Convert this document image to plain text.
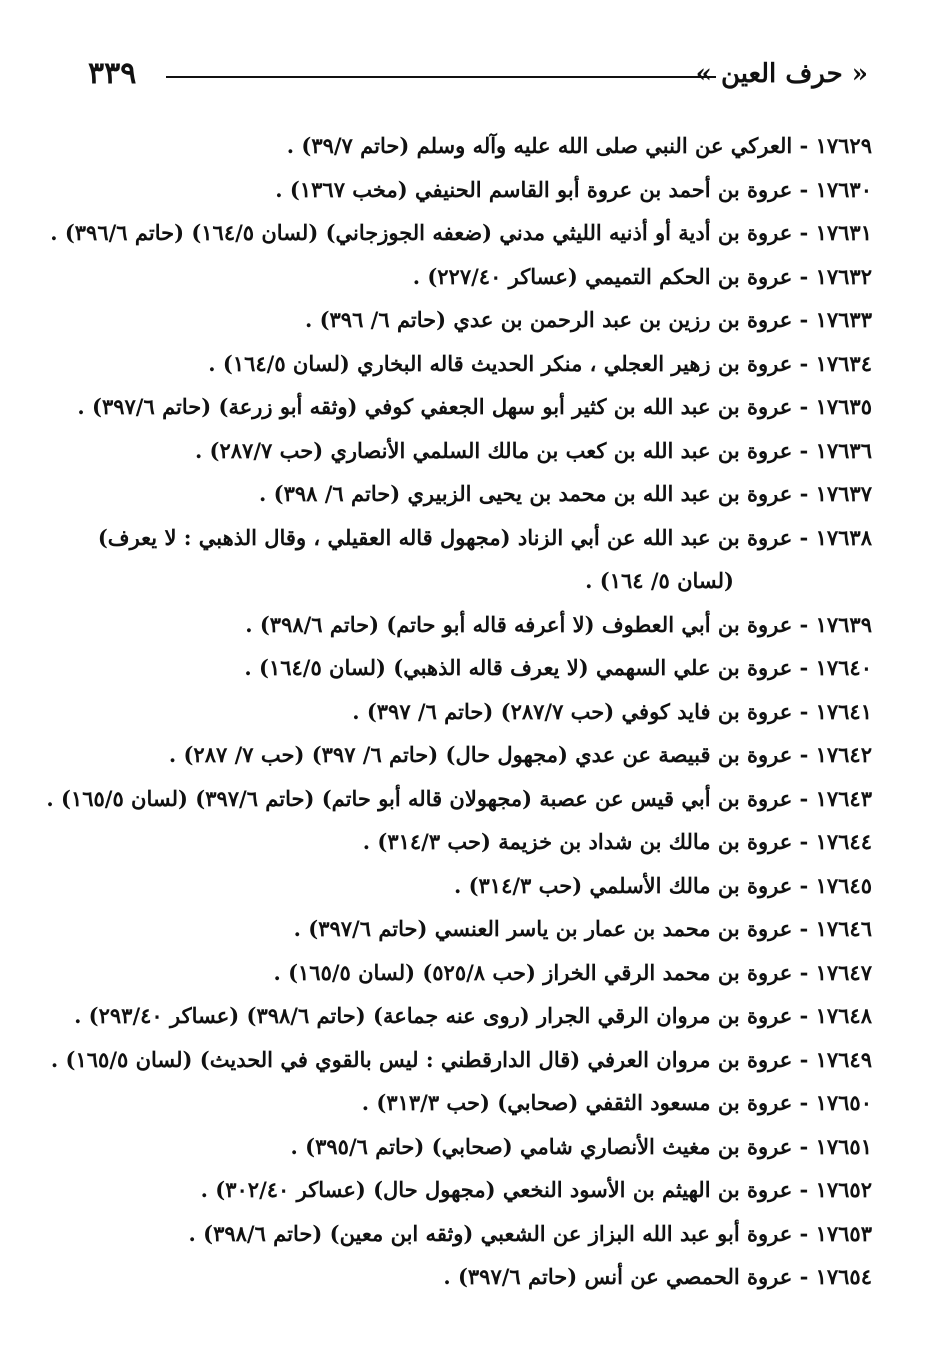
٣٣٩	« حرف العين »
١٧٦٢٩ - العركي عن النبي صلى الله عليه وآله وسلم (حاتم ٣٩/٧) .
١٧٦٣٠ - عروة بن أحمد بن عروة أبو القاسم الحنيفي (مخب ١٣٦٧) .
١٧٦٣١ - عروة بن أدية أو أذنيه الليثي مدني (ضعفه الجوزجاني) (لسان ١٦٤/٥) (حاتم ٣٩٦/٦) .
١٧٦٣٢ - عروة بن الحكم التميمي (عساكر ٢٢٧/٤٠) .
١٧٦٣٣ - عروة بن رزين بن عبد الرحمن بن عدي (حاتم ٦/ ٣٩٦) .
١٧٦٣٤ - عروة بن زهير العجلي ، منكر الحديث قاله البخاري (لسان ١٦٤/٥) .
١٧٦٣٥ - عروة بن عبد الله بن كثير أبو سهل الجعفي كوفي (وثقه أبو زرعة) (حاتم ٣٩٧/٦) .
١٧٦٣٦ - عروة بن عبد الله بن كعب بن مالك السلمي الأنصاري (حب ٢٨٧/٧) .
١٧٦٣٧ - عروة بن عبد الله بن محمد بن يحيى الزبيري (حاتم ٦/ ٣٩٨) .
١٧٦٣٨ - عروة بن عبد الله عن أبي الزناد (مجهول قاله العقيلي ، وقال الذهبي : لا يعرف) (لسان ٥/ ١٦٤) .
١٧٦٣٩ - عروة بن أبي العطوف (لا أعرفه قاله أبو حاتم) (حاتم ٣٩٨/٦) .
١٧٦٤٠ - عروة بن علي السهمي (لا يعرف قاله الذهبي) (لسان ١٦٤/٥) .
١٧٦٤١ - عروة بن فايد كوفي (حب ٢٨٧/٧) (حاتم ٦/ ٣٩٧) .
١٧٦٤٢ - عروة بن قبيصة عن عدي (مجهول حال) (حاتم ٦/ ٣٩٧) (حب ٧/ ٢٨٧) .
١٧٦٤٣ - عروة بن أبي قيس عن عصبة (مجهولان قاله أبو حاتم) (حاتم ٣٩٧/٦) (لسان ١٦٥/٥) .
١٧٦٤٤ - عروة بن مالك بن شداد بن خزيمة (حب ٣١٤/٣) .
١٧٦٤٥ - عروة بن مالك الأسلمي (حب ٣١٤/٣) .
١٧٦٤٦ - عروة بن محمد بن عمار بن ياسر العنسي (حاتم ٣٩٧/٦) .
١٧٦٤٧ - عروة بن محمد الرقي الخراز (حب ٥٢٥/٨) (لسان ١٦٥/٥) .
١٧٦٤٨ - عروة بن مروان الرقي الجرار (روى عنه جماعة) (حاتم ٣٩٨/٦) (عساكر ٢٩٣/٤٠) .
١٧٦٤٩ - عروة بن مروان العرفي (قال الدارقطني : ليس بالقوي في الحديث) (لسان ١٦٥/٥) .
١٧٦٥٠ - عروة بن مسعود الثقفي (صحابي) (حب ٣١٣/٣) .
١٧٦٥١ - عروة بن مغيث الأنصاري شامي (صحابي) (حاتم ٣٩٥/٦) .
١٧٦٥٢ - عروة بن الهيثم بن الأسود النخعي (مجهول حال) (عساكر ٣٠٢/٤٠) .
١٧٦٥٣ - عروة أبو عبد الله البزاز عن الشعبي (وثقه ابن معين) (حاتم ٣٩٨/٦) .
١٧٦٥٤ - عروة الحمصي عن أنس (حاتم ٣٩٧/٦) .
